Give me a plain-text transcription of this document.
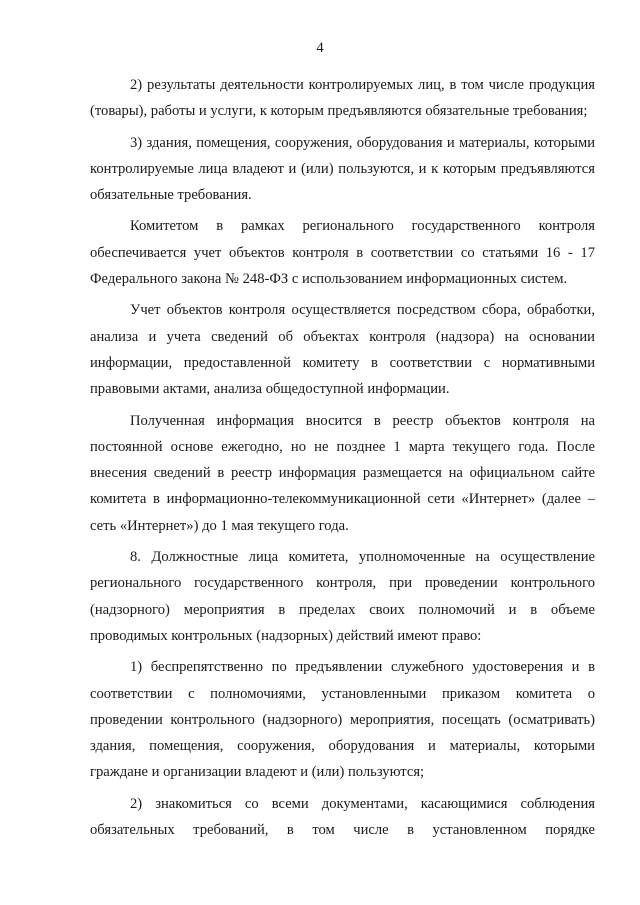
4

2) результаты деятельности контролируемых лиц, в том числе продукция (товары), работы и услуги, к которым предъявляются обязательные требования;

3) здания, помещения, сооружения, оборудования и материалы, которыми контролируемые лица владеют и (или) пользуются, и к которым предъявляются обязательные требования.

Комитетом в рамках регионального государственного контроля обеспечивается учет объектов контроля в соответствии со статьями 16 - 17 Федерального закона № 248-ФЗ с использованием информационных систем.

Учет объектов контроля осуществляется посредством сбора, обработки, анализа и учета сведений об объектах контроля (надзора) на основании информации, предоставленной комитету в соответствии с нормативными правовыми актами, анализа общедоступной информации.

Полученная информация вносится в реестр объектов контроля на постоянной основе ежегодно, но не позднее 1 марта текущего года. После внесения сведений в реестр информация размещается на официальном сайте комитета в информационно-телекоммуникационной сети «Интернет» (далее – сеть «Интернет») до 1 мая текущего года.

8. Должностные лица комитета, уполномоченные на осуществление регионального государственного контроля, при проведении контрольного (надзорного) мероприятия в пределах своих полномочий и в объеме проводимых контрольных (надзорных) действий имеют право:

1) беспрепятственно по предъявлении служебного удостоверения и в соответствии с полномочиями, установленными приказом комитета о проведении контрольного (надзорного) мероприятия, посещать (осматривать) здания, помещения, сооружения, оборудования и материалы, которыми граждане и организации владеют и (или) пользуются;

2) знакомиться со всеми документами, касающимися соблюдения обязательных требований, в том числе в установленном порядке
